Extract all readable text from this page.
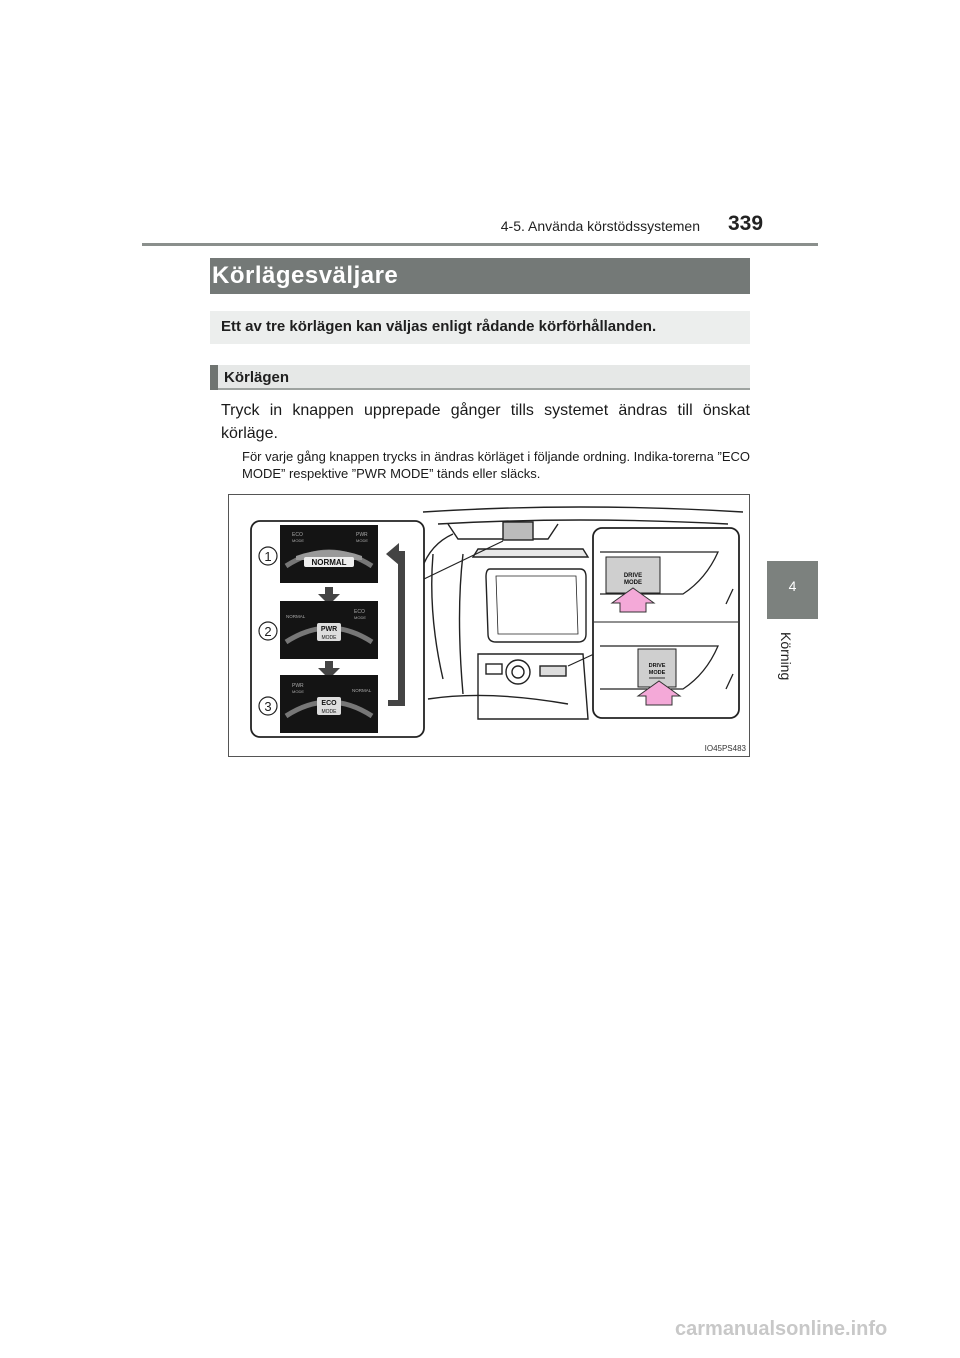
4-5. Använda körstödssystemen 339
4
Körning
Körlägesväljare
Ett av tre körlägen kan väljas enligt rådande körförhållanden.
Körlägen
Tryck in knappen upprepade gånger tills systemet ändras till önskat körläge.
För varje gång knappen trycks in ändras körläget i följande ordning. Indika-torerna ”ECO MODE” respektive ”PWR MODE” tänds eller släcks.
1
2
3
NORMAL
ECO
MODE
PWR
MODE
PWR
MODE
NORMAL
ECO
MODE
ECO
MODE
PWR
MODE	NORMAL
DRIVE
MODE
DRIVE
MODE
IO45PS483
carmanualsonline.info
